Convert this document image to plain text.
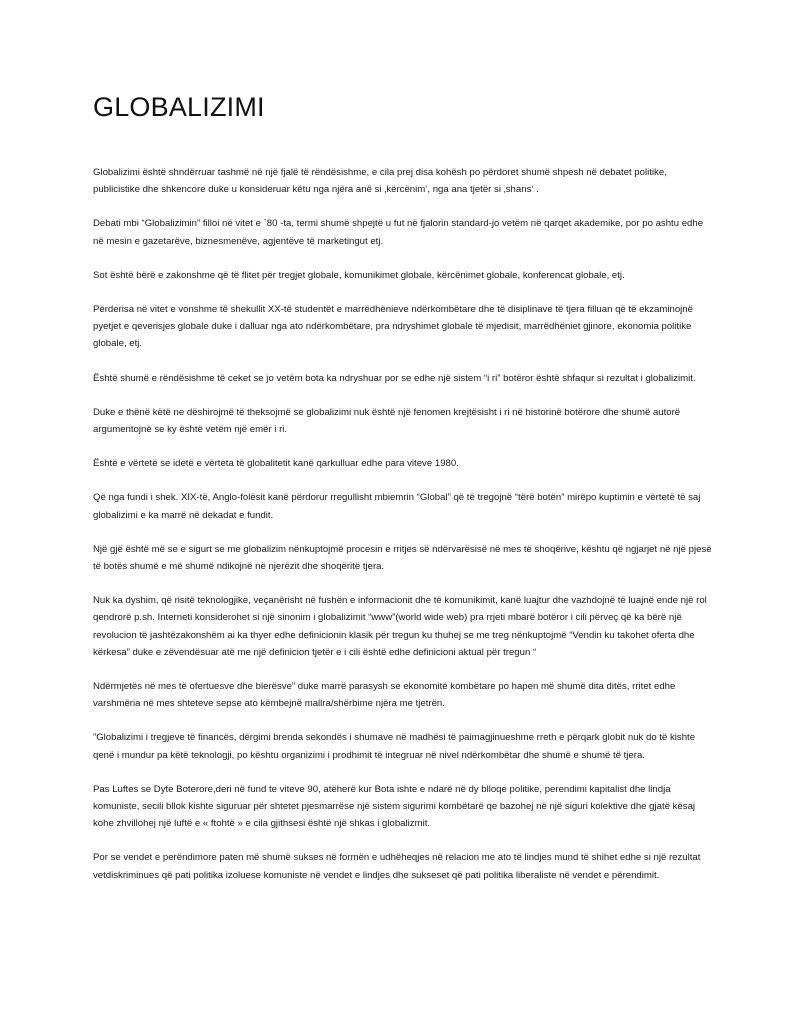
GLOBALIZIMI

Globalizimi është shndërruar tashmë në një fjalë të rëndësishme, e cila prej disa kohësh po përdoret shumë shpesh në debatet politike, publicistike dhe shkencore duke u konsideruar këtu nga njëra anë si ‚kërcënim‘, nga ana tjetër si ‚shans‘ .

Debati mbi “Globalizimin” filloi në vitet e `80 -ta, termi shumë shpejtë u fut në fjalorin standard-jo vetëm në qarqet akademike, por po ashtu edhe në mesin e gazetarëve, biznesmenëve, agjentëve të marketingut etj.

Sot është bërë e zakonshme që të flitet për tregjet globale, komunikimet globale, kërcënimet globale, konferencat globale, etj.

Përderisa në vitet e vonshme të shekullit XX-të studentët e marrëdhënieve ndërkombëtare dhe të disiplinave të tjera filluan që të ekzaminojnë pyetjet e qeverisjes globale duke i dalluar nga ato ndërkombëtare, pra ndryshimet globale të mjedisit, marrëdhëniet gjinore, ekonomia politike globale, etj.

Është shumë e rëndësishme të ceket se jo vetëm bota ka ndryshuar por se edhe një sistem “i ri” botëror është shfaqur si rezultat i globalizimit.

Duke e thënë këtë ne dëshirojmë të theksojmë se globalizimi nuk është një fenomen krejtësisht i ri në historinë botërore dhe shumë autorë argumentojnë se ky është vetëm një emër i ri.

Është e vërtetë se idetë e vërteta të globalitetit kanë qarkulluar edhe para viteve 1980.

Që nga fundi i shek. XIX-të, Anglo-folësit kanë përdorur rregullisht mbiemrin “Global” që të tregojnë “tërë botën” mirëpo kuptimin e vërtetë të saj globalizimi e ka marrë në dekadat e fundit.

Një gjë është më se e sigurt se me globalizim nënkuptojmë procesin e rritjes së ndërvarësisë në mes të shoqërive, kështu që ngjarjet në një pjesë të botës shumë e më shumë ndikojnë në njerëzit dhe shoqëritë tjera.

Nuk ka dyshim, që risitë teknologjike, veçanërisht në fushën e informacionit dhe të komunikimit, kanë luajtur dhe vazhdojnë të luajnë ende një rol qendrorë p.sh. Interneti konsiderohet si një sinonim i globalizimit “www”(world wide web) pra rrjeti mbarë botëror i cili përveç që ka bërë një revolucion të jashtëzakonshëm ai ka thyer edhe definicionin klasik për tregun ku thuhej se me treg nënkuptojmë “Vendin ku takohet oferta dhe kërkesa” duke e zëvendësuar atë me një definicion tjetër e i cili është edhe definicioni aktual për tregun “

Ndërmjetës në mes të ofertuesve dhe blerësve” duke marrë parasysh se ekonomitë kombëtare po hapen më shumë dita ditës, rritet edhe varshmëria në mes shteteve sepse ato këmbejnë mallra/shërbime njëra me tjetrën.

”Globalizimi i tregjeve të financës, dërgimi brenda sekondës i shumave në madhësi të paimagjinueshme rreth e përqark globit nuk do të kishte qenë i mundur pa këtë teknologji, po kështu organizimi i prodhimit të integruar në nivel ndërkombëtar dhe shumë e shumë të tjera.

Pas Luftes se Dyte Boterore,deri në fund te viteve 90, atëherë kur Bota ishte e ndarë në dy blloqe politike, perendimi kapitalist dhe lindja komuniste, secili bllok kishte siguruar për shtetet pjesmarrëse një sistem sigurimi kombëtarë qe bazohej në një siguri kolektive dhe gjatë kësaj kohe zhvillohej një luftë e « ftohtë » e cila gjithsesi është një shkas i globalizmit.

Por se vendet e perëndimore paten më shumë sukses në formën e udhëheqjes në relacion me ato të lindjes mund të shihet edhe si një rezultat vetdiskriminues që pati politika izoluese komuniste në vendet e lindjes dhe sukseset që pati politika liberaliste në vendet e përendimit.
